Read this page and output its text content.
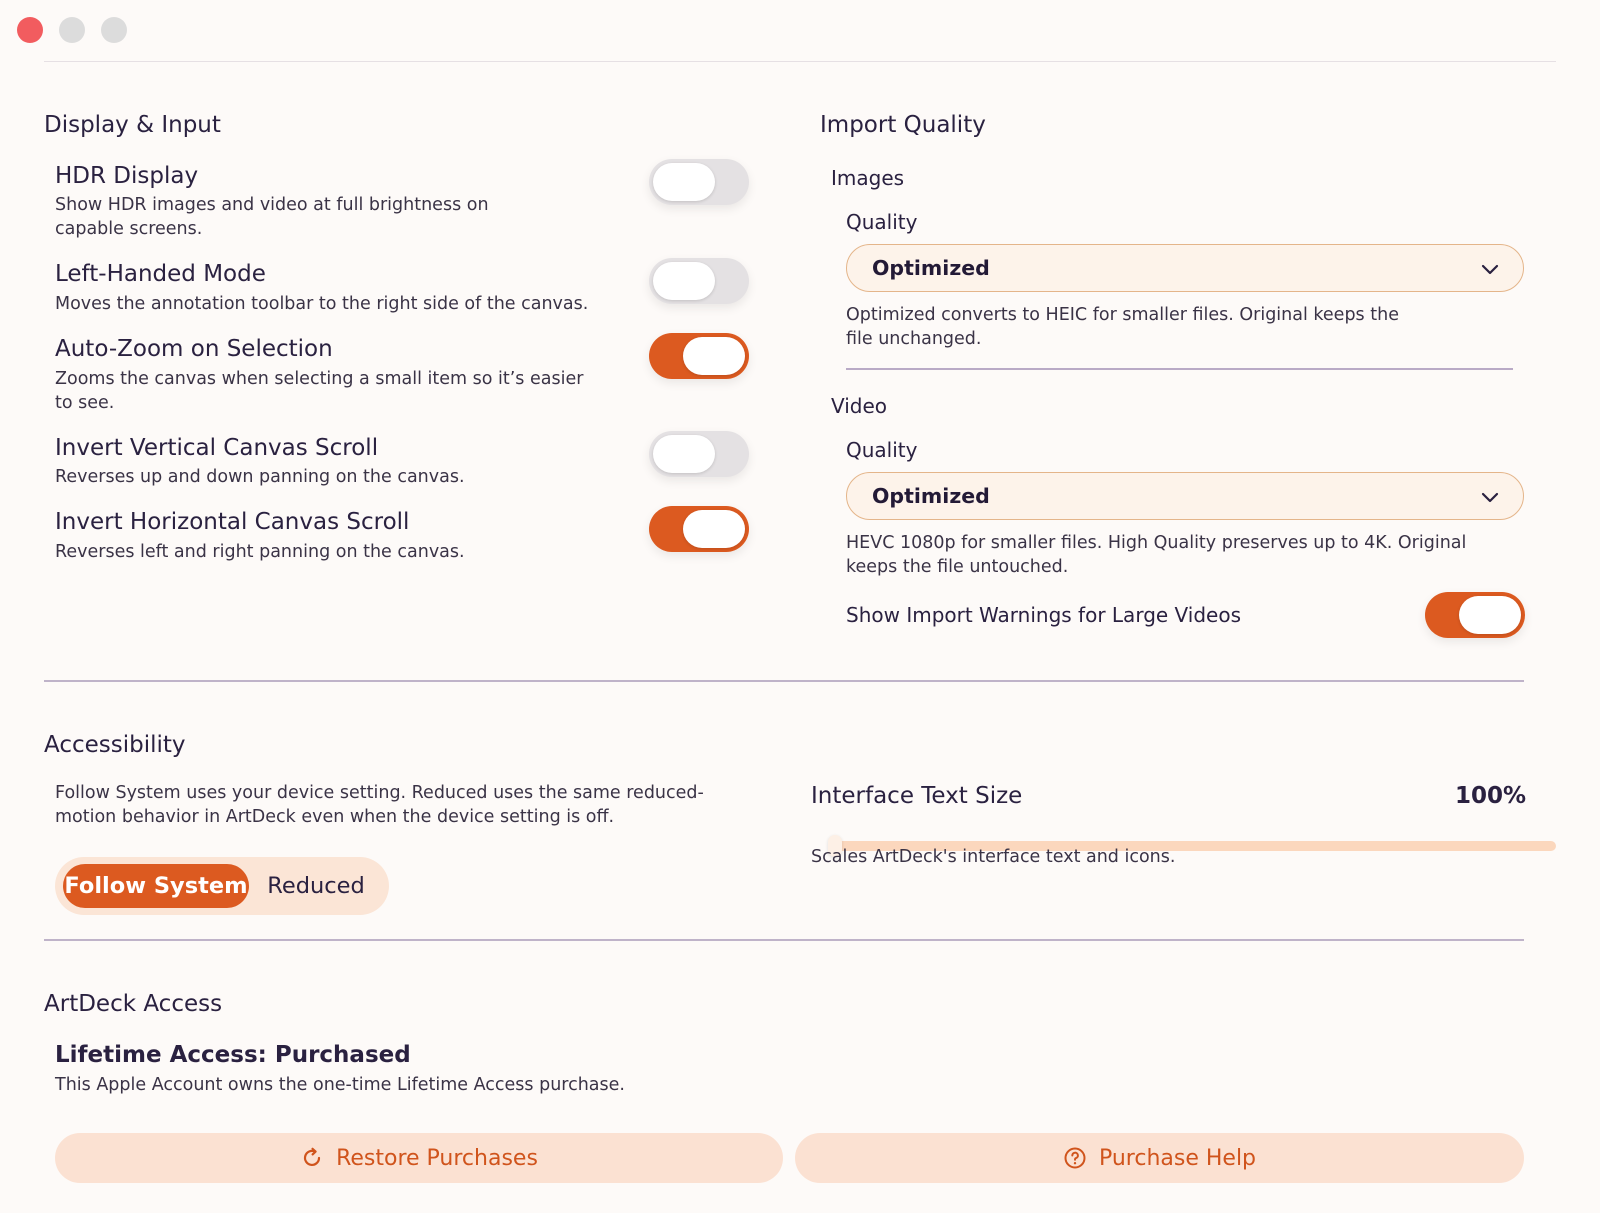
Display & Input
HDR Display
Show HDR images and video at full brightness on
capable screens.
Left-Handed Mode
Moves the annotation toolbar to the right side of the canvas.
Auto-Zoom on Selection
Zooms the canvas when selecting a small item so it’s easier
to see.
Invert Vertical Canvas Scroll
Reverses up and down panning on the canvas.
Invert Horizontal Canvas Scroll
Reverses left and right panning on the canvas.
Import Quality
Images
Quality
Optimized
Optimized converts to HEIC for smaller files. Original keeps the
file unchanged.
Video
Quality
Optimized
HEVC 1080p for smaller files. High Quality preserves up to 4K. Original
keeps the file untouched.
Show Import Warnings for Large Videos
Accessibility
Follow System uses your device setting. Reduced uses the same reduced-
motion behavior in ArtDeck even when the device setting is off.
Follow System Reduced
Interface Text Size	100%
Scales ArtDeck's interface text and icons.
ArtDeck Access
Lifetime Access: Purchased
This Apple Account owns the one-time Lifetime Access purchase.
Restore Purchases	Purchase Help
